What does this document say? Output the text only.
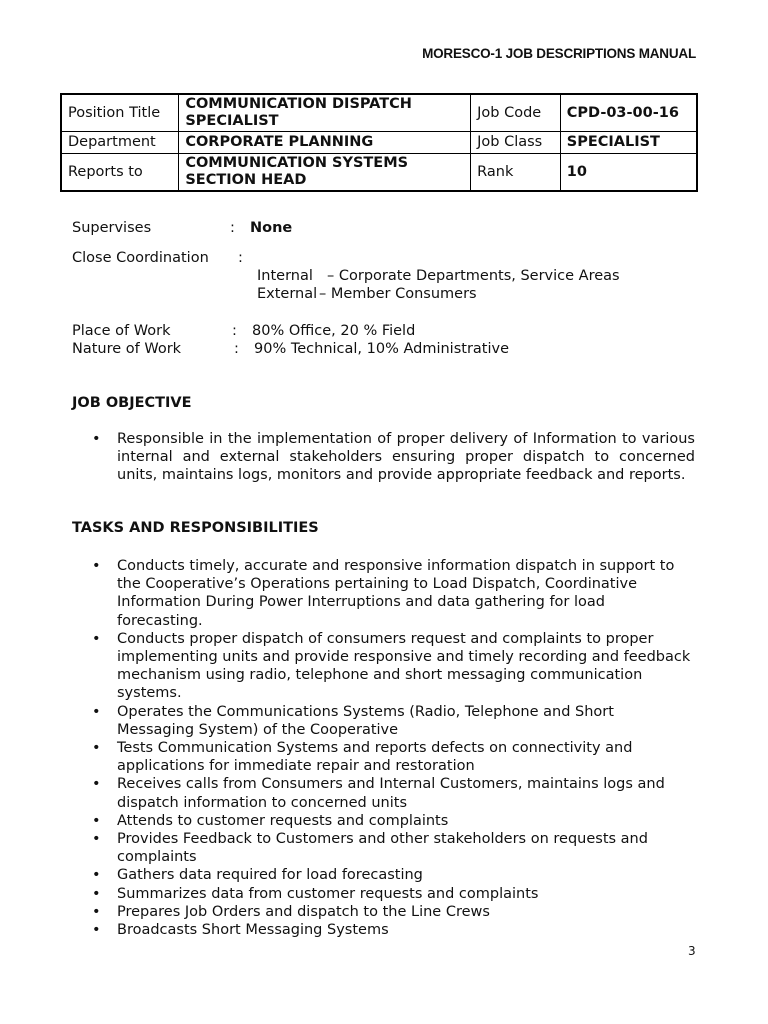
MORESCO-1 JOB DESCRIPTIONS MANUAL
Position Title	COMMUNICATION DISPATCH SPECIALIST	Job Code	CPD-03-00-16
Department	CORPORATE PLANNING	Job Class	SPECIALIST
Reports to	COMMUNICATION SYSTEMS SECTION HEAD	Rank	10
Supervises	: None
Close Coordination :
Internal – Corporate Departments, Service Areas
External – Member Consumers
Place of Work	: 80% Office, 20 % Field
Nature of Work	: 90% Technical, 10% Administrative
JOB OBJECTIVE
• Responsible in the implementation of proper delivery of Information to various internal and external stakeholders ensuring proper dispatch to concerned units, maintains logs, monitors and provide appropriate feedback and reports.
TASKS AND RESPONSIBILITIES
• Conducts timely, accurate and responsive information dispatch in support to the Cooperative’s Operations pertaining to Load Dispatch, Coordinative Information During Power Interruptions and data gathering for load forecasting.
• Conducts proper dispatch of consumers request and complaints to proper implementing units and provide responsive and timely recording and feedback mechanism using radio, telephone and short messaging communication systems.
• Operates the Communications Systems (Radio, Telephone and Short Messaging System) of the Cooperative
• Tests Communication Systems and reports defects on connectivity and applications for immediate repair and restoration
• Receives calls from Consumers and Internal Customers, maintains logs and dispatch information to concerned units
• Attends to customer requests and complaints
• Provides Feedback to Customers and other stakeholders on requests and complaints
• Gathers data required for load forecasting
• Summarizes data from customer requests and complaints
• Prepares Job Orders and dispatch to the Line Crews
• Broadcasts Short Messaging Systems
3
